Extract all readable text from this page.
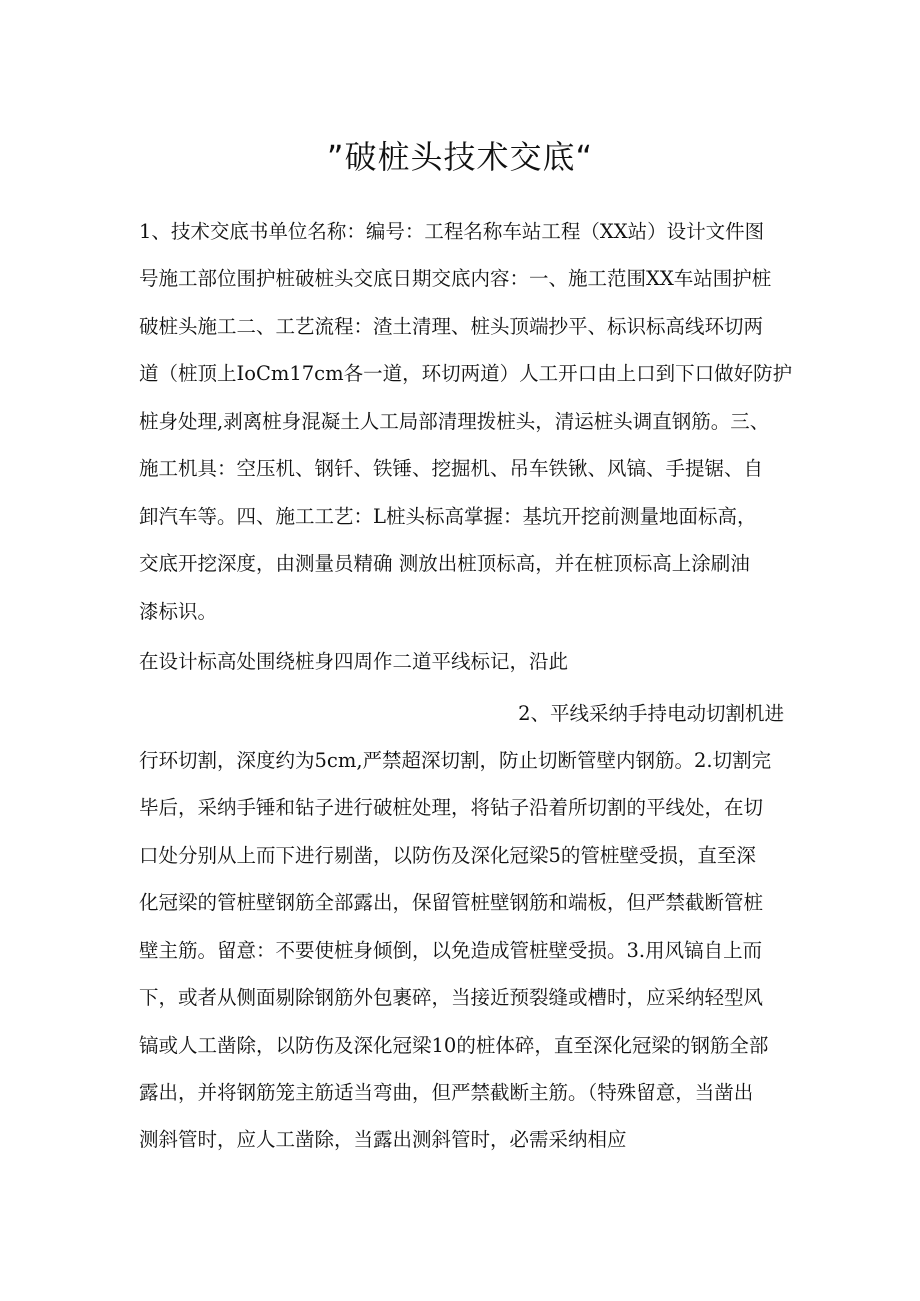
”破桩头技术交底“
1、技术交底书单位名称：编号：工程名称车站工程（XX站）设计文件图
号施工部位围护桩破桩头交底日期交底内容：一、施工范围XX车站围护桩
破桩头施工二、工艺流程：渣土清理、桩头顶端抄平、标识标高线环切两
道（桩顶上IoCm17cm各一道，环切两道）人工开口由上口到下口做好防护
桩身处理,剥离桩身混凝土人工局部清理拨桩头，清运桩头调直钢筋。三、
施工机具：空压机、钢钎、铁锤、挖掘机、吊车铁锹、风镐、手提锯、自
卸汽车等。四、施工工艺：L桩头标高掌握：基坑开挖前测量地面标高，
交底开挖深度，由测量员精确 测放出桩顶标高，并在桩顶标高上涂刷油
漆标识。
在设计标高处围绕桩身四周作二道平线标记，沿此
2、平线采纳手持电动切割机进
行环切割，深度约为5cm,严禁超深切割，防止切断管壁内钢筋。2.切割完
毕后，采纳手锤和钻子进行破桩处理，将钻子沿着所切割的平线处，在切
口处分别从上而下进行剔凿，以防伤及深化冠梁5的管桩壁受损，直至深
化冠梁的管桩壁钢筋全部露出，保留管桩壁钢筋和端板，但严禁截断管桩
壁主筋。留意：不要使桩身倾倒，以免造成管桩壁受损。3.用风镐自上而
下，或者从侧面剔除钢筋外包裹碎，当接近预裂缝或槽时，应采纳轻型风
镐或人工凿除，以防伤及深化冠梁10的桩体碎，直至深化冠梁的钢筋全部
露出，并将钢筋笼主筋适当弯曲，但严禁截断主筋。（特殊留意，当凿出
测斜管时，应人工凿除，当露出测斜管时，必需采纳相应
